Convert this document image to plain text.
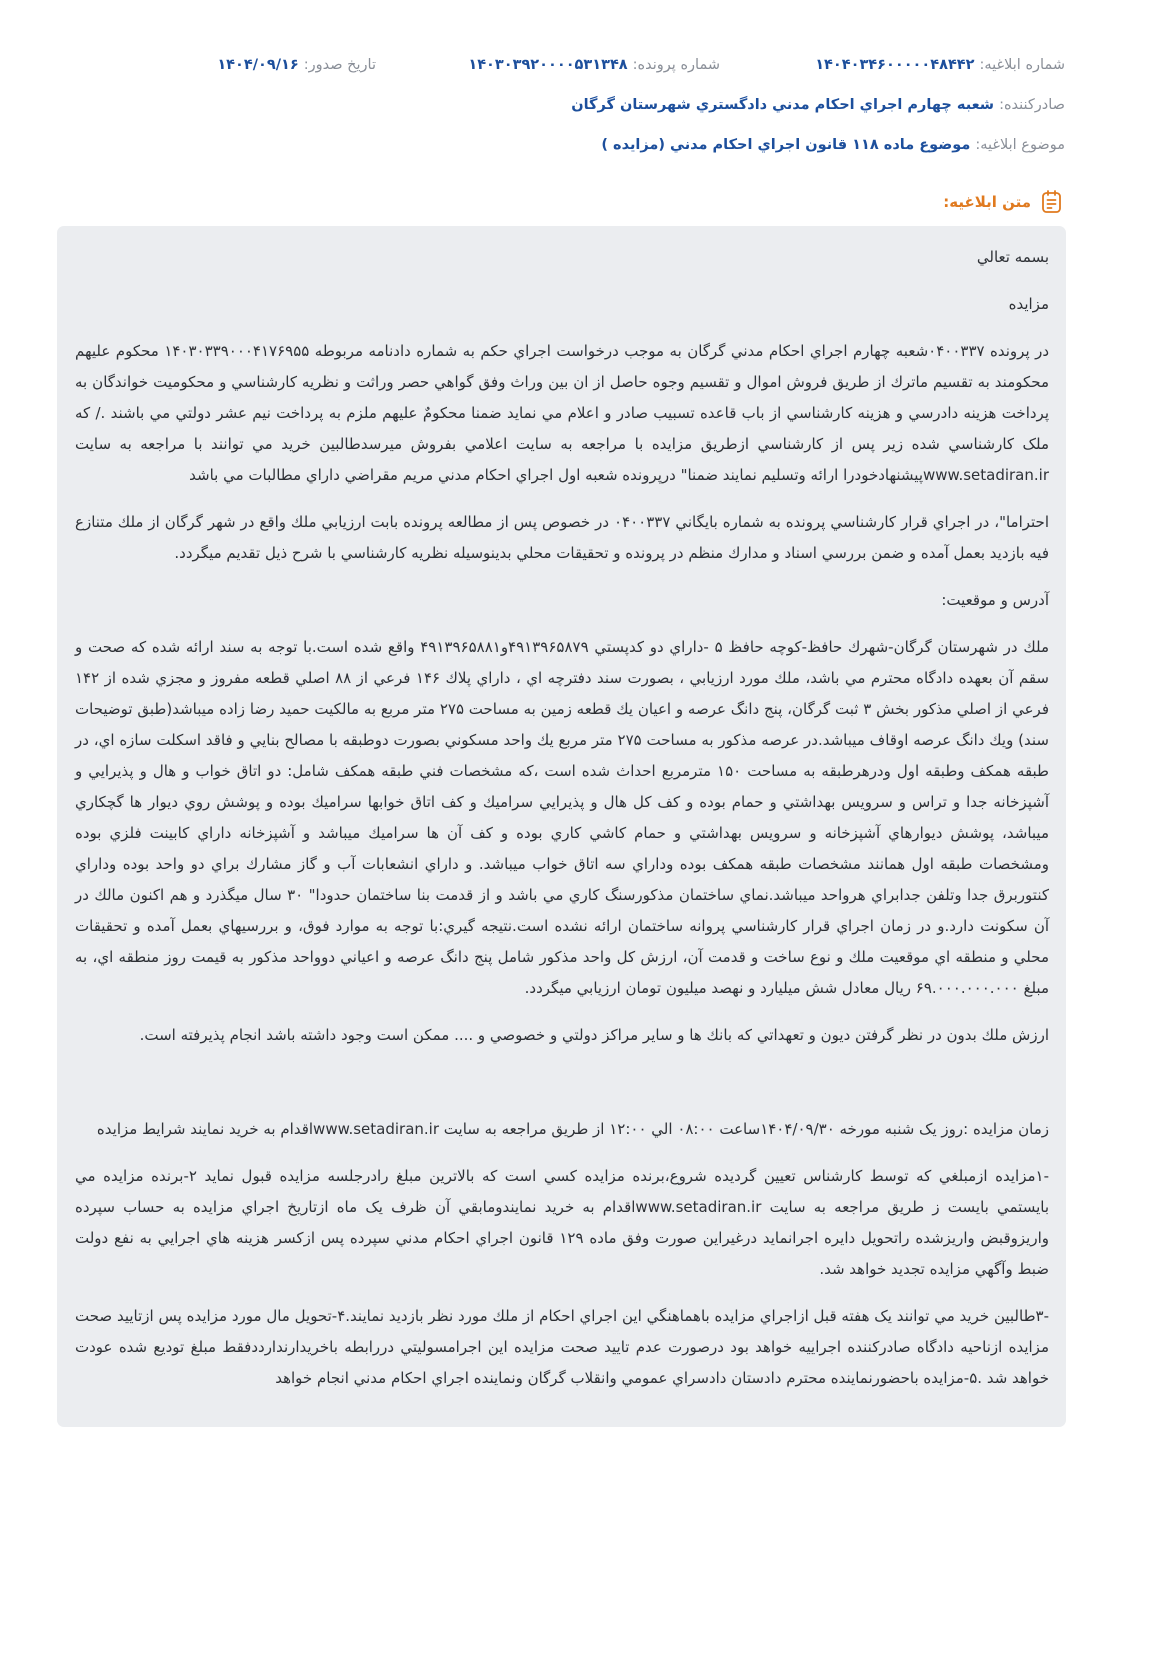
شماره ابلاغيه:۱۴۰۴۰۳۴۶۰۰۰۰۰۴۸۴۴۲
شماره پرونده:۱۴۰۳۰۳۹۲۰۰۰۰۵۳۱۳۴۸
تاريخ صدور:۱۴۰۴/۰۹/۱۶
صادرکننده:شعبه چهارم اجراي احكام مدني دادگستري شهرستان گرگان
موضوع ابلاغيه:موضوع ماده ۱۱۸ قانون اجراي احكام مدني (مزايده )
متن ابلاغيه:

بسمه تعالي

مزايده

در پرونده ۰۴۰۰۳۳۷شعبه چهارم اجراي احكام مدني گرگان به موجب درخواست اجراي حكم به شماره دادنامه مربوطه ۱۴۰۳۰۳۳۹۰۰۰۴۱۷۶۹۵۵ محكوم عليهم محكومند به تقسيم ماترك از طريق فروش اموال و تقسيم وجوه حاصل از ان بين وراث وفق گواهي حصر وراثت و نظريه كارشناسي و محكوميت خواندگان به پرداخت هزينه دادرسي و هزينه كارشناسي از باب قاعده تسبيب صادر و اعلام مي نمايد ضمنا محكومٌ عليهم ملزم به پرداخت نيم عشر دولتي مي باشند ./ كه ملک كارشناسي شده زير پس از كارشناسي ازطريق مزايده با مراجعه به سايت اعلامي بفروش ميرسدطالبين خريد مي توانند با مراجعه به سايت www.setadiran.irپيشنهادخودرا ارائه وتسليم نمايند ضمنا" درپرونده شعبه اول اجراي احكام مدني مريم مقراضي داراي مطالبات مي باشد

احتراما"، در اجراي قرار كارشناسي پرونده به شماره بايگاني ۰۴۰۰۳۳۷ در خصوص پس از مطالعه پرونده بابت ارزيابي ملك واقع در شهر گرگان از ملك متنازع فيه بازديد بعمل آمده و ضمن بررسي اسناد و مدارك منظم در پرونده و تحقيقات محلي بدينوسيله نظريه كارشناسي با شرح ذيل تقديم ميگردد.

آدرس و موقعيت:

ملك در شهرستان گرگان-شهرك حافظ-كوچه حافظ ۵ -داراي دو كدپستي ۴۹۱۳۹۶۵۸۷۹و۴۹۱۳۹۶۵۸۸۱ واقع شده است.با توجه به سند ارائه شده كه صحت و سقم آن بعهده دادگاه محترم مي باشد، ملك مورد ارزيابي ، بصورت سند دفترچه اي ، داراي پلاك ۱۴۶ فرعي از ۸۸ اصلي قطعه مفروز و مجزي شده از ۱۴۲ فرعي از اصلي مذكور بخش ۳ ثبت گرگان، پنج دانگ عرصه و اعيان يك قطعه زمين به مساحت ۲۷۵ متر مربع به مالكيت حميد رضا زاده ميباشد(طبق توضيحات سند) ويك دانگ عرصه اوقاف ميباشد.در عرصه مذكور به مساحت ۲۷۵ متر مربع يك واحد مسكوني بصورت دوطبقه با مصالح بنايي و فاقد اسكلت سازه اي، در طبقه همكف وطبقه اول ودرهرطبقه به مساحت ۱۵۰ مترمربع احداث شده است ،كه مشخصات فني طبقه همكف شامل: دو اتاق خواب و هال و پذيرايي و آشپزخانه جدا و تراس و سرويس بهداشتي و حمام بوده و كف كل هال و پذيرايي سراميك و كف اتاق خوابها سراميك بوده و پوشش روي ديوار ها گچكاري ميباشد، پوشش ديوارهاي آشپزخانه و سرويس بهداشتي و حمام كاشي كاري بوده و كف آن ها سراميك ميباشد و آشپزخانه داراي كابينت فلزي بوده ومشخصات طبقه اول همانند مشخصات طبقه همكف بوده وداراي سه اتاق خواب ميباشد. و داراي انشعابات آب و گاز مشارك براي دو واحد بوده وداراي كنتوربرق جدا وتلفن جدابراي هرواحد ميباشد.نماي ساختمان مذكورسنگ كاري مي باشد و از قدمت بنا ساختمان حدودا" ۳۰ سال ميگذرد و هم اكنون مالك در آن سكونت دارد.و در زمان اجراي قرار كارشناسي پروانه ساختمان ارائه نشده است.نتيجه گيري:با توجه به موارد فوق، و بررسيهاي بعمل آمده و تحقيقات محلي و منطقه اي موقعيت ملك و نوع ساخت و قدمت آن، ارزش كل واحد مذكور شامل پنج دانگ عرصه و اعياني دوواحد مذكور به قيمت روز منطقه اي، به مبلغ ۶۹.۰۰۰.۰۰۰.۰۰۰ ريال معادل شش ميليارد و نهصد ميليون تومان ارزيابي ميگردد.

ارزش ملك بدون در نظر گرفتن ديون و تعهداتي كه بانك ها و ساير مراكز دولتي و خصوصي و .... ممكن است وجود داشته باشد انجام پذيرفته است.

زمان مزايده :روز يک شنبه مورخه ۱۴۰۴/۰۹/۳۰ساعت ۰۸:۰۰ الي ۱۲:۰۰ از طريق مراجعه به سايت www.setadiran.irاقدام به خريد نمايند شرايط مزايده

-۱مزايده ازمبلغي كه توسط كارشناس تعيين گرديده شروع،برنده مزايده كسي است كه بالاترين مبلغ رادرجلسه مزايده قبول نمايد ۲-برنده مزايده مي بايستمي بايست ز طريق مراجعه به سايت www.setadiran.irاقدام به خريد نمايندومابقي آن ظرف يک ماه ازتاريخ اجراي مزايده به حساب سپرده واريزوقبض واريزشده راتحويل دايره اجرانمايد درغيراين صورت وفق ماده ۱۲۹ قانون اجراي احكام مدني سپرده پس ازكسر هزينه هاي اجرايي به نفع دولت ضبط وآگهي مزايده تجديد خواهد شد.

-۳طالبين خريد مي توانند يک هفته قبل ازاجراي مزايده باهماهنگي اين اجراي احكام از ملك مورد نظر بازديد نمايند.۴-تحويل مال مورد مزايده پس ازتاييد صحت مزايده ازناحيه دادگاه صادركننده اجراييه خواهد بود درصورت عدم تاييد صحت مزايده اين اجرامسوليتي دررابطه باخريدارندارددفقط مبلغ توديع شده عودت خواهد شد .۵-مزايده باحضورنماينده محترم دادستان دادسراي عمومي وانقلاب گرگان ونماينده اجراي احكام مدني انجام خواهد
